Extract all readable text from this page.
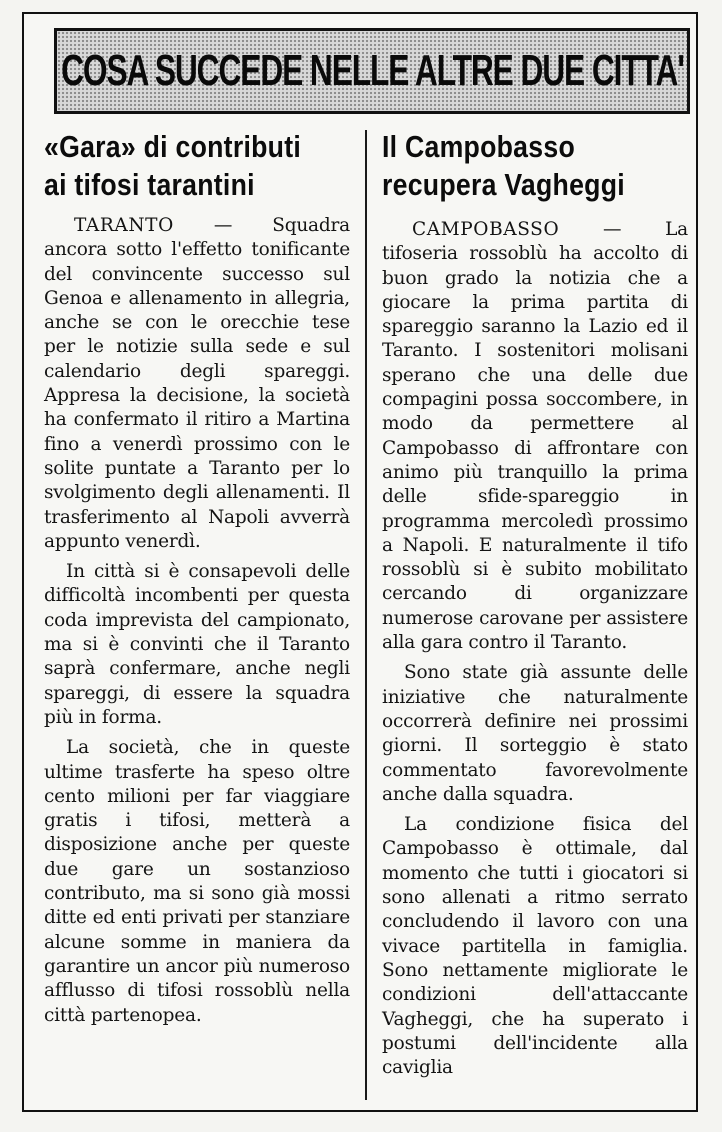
COSA SUCCEDE NELLE ALTRE DUE CITTA'
«Gara» di contributi
ai tifosi tarantini

TARANTO — Squadra ancora sotto l'effetto tonificante del convincente successo sul Genoa e allenamento in allegria, anche se con le orecchie tese per le notizie sulla sede e sul calendario degli spareggi. Appresa la decisione, la società ha confermato il ritiro a Martina fino a venerdì prossimo con le solite puntate a Taranto per lo svolgimento degli allenamenti. Il trasferimento al Napoli avverrà appunto venerdì.

In città si è consapevoli delle difficoltà incombenti per questa coda imprevista del campionato, ma si è convinti che il Taranto saprà confermare, anche negli spareggi, di essere la squadra più in forma.

La società, che in queste ultime trasferte ha speso oltre cento milioni per far viaggiare gratis i tifosi, metterà a disposizione anche per queste due gare un sostanzioso contributo, ma si sono già mossi ditte ed enti privati per stanziare alcune somme in maniera da garantire un ancor più numeroso afflusso di tifosi rossoblù nella città partenopea.

Il Campobasso
recupera Vagheggi

CAMPOBASSO — La tifoseria rossoblù ha accolto di buon grado la notizia che a giocare la prima partita di spareggio saranno la Lazio ed il Taranto. I sostenitori molisani sperano che una delle due compagini possa soccombere, in modo da permettere al Campobasso di affrontare con animo più tranquillo la prima delle sfide-spareggio in programma mercoledì prossimo a Napoli. E naturalmente il tifo rossoblù si è subito mobilitato cercando di organizzare numerose carovane per assistere alla gara contro il Taranto.

Sono state già assunte delle iniziative che naturalmente occorrerà definire nei prossimi giorni. Il sorteggio è stato commentato favorevolmente anche dalla squadra.

La condizione fisica del Campobasso è ottimale, dal momento che tutti i giocatori si sono allenati a ritmo serrato concludendo il lavoro con una vivace partitella in famiglia. Sono nettamente migliorate le condizioni dell'attaccante Vagheggi, che ha superato i postumi dell'incidente alla caviglia
